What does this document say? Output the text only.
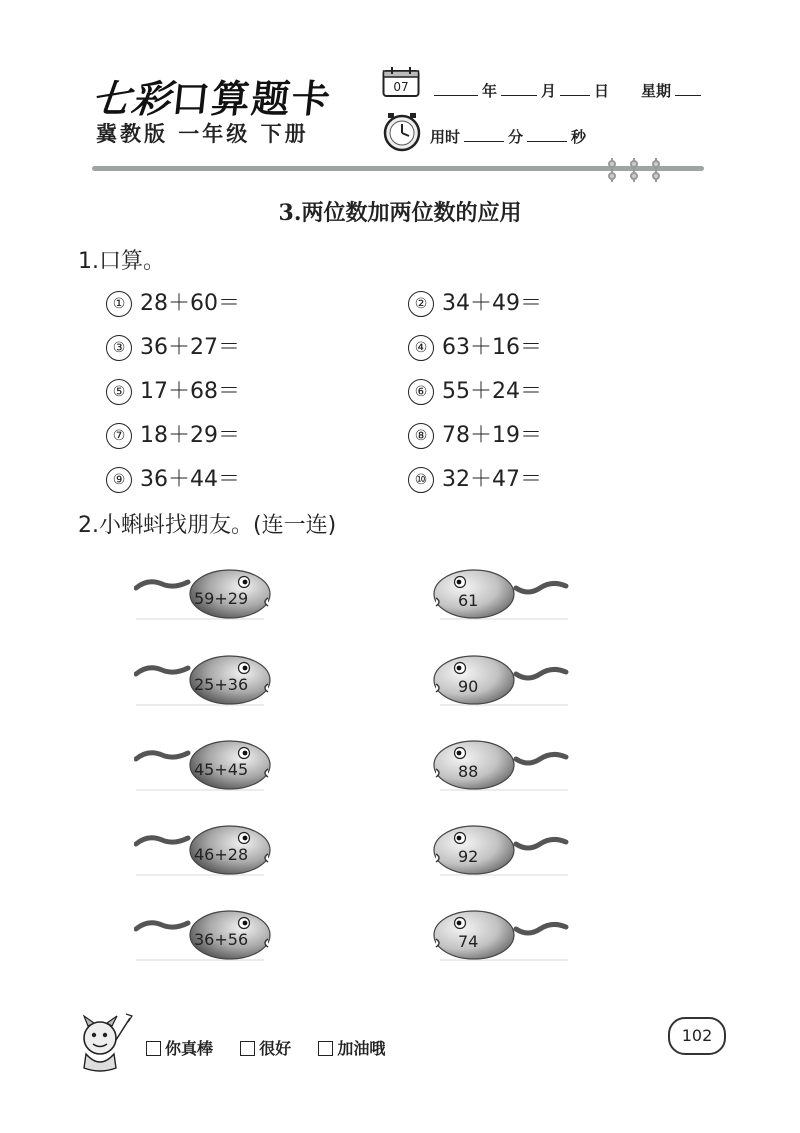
七彩口算题卡
冀教版 一年级 下册
07	年	月	日 星期
用时	分	秒
3.两位数加两位数的应用
1.口算。
① 28＋60＝	② 34＋49＝
③ 36＋27＝	④ 63＋16＝
⑤ 17＋68＝	⑥ 55＋24＝
⑦ 18＋29＝	⑧ 78＋19＝
⑨ 36＋44＝	⑩ 32＋47＝
2.小蝌蚪找朋友。(连一连)
59+29
25+36
45+45
46+28
36+56
61
90
88
92
74
你真棒	很好	加油哦
102
